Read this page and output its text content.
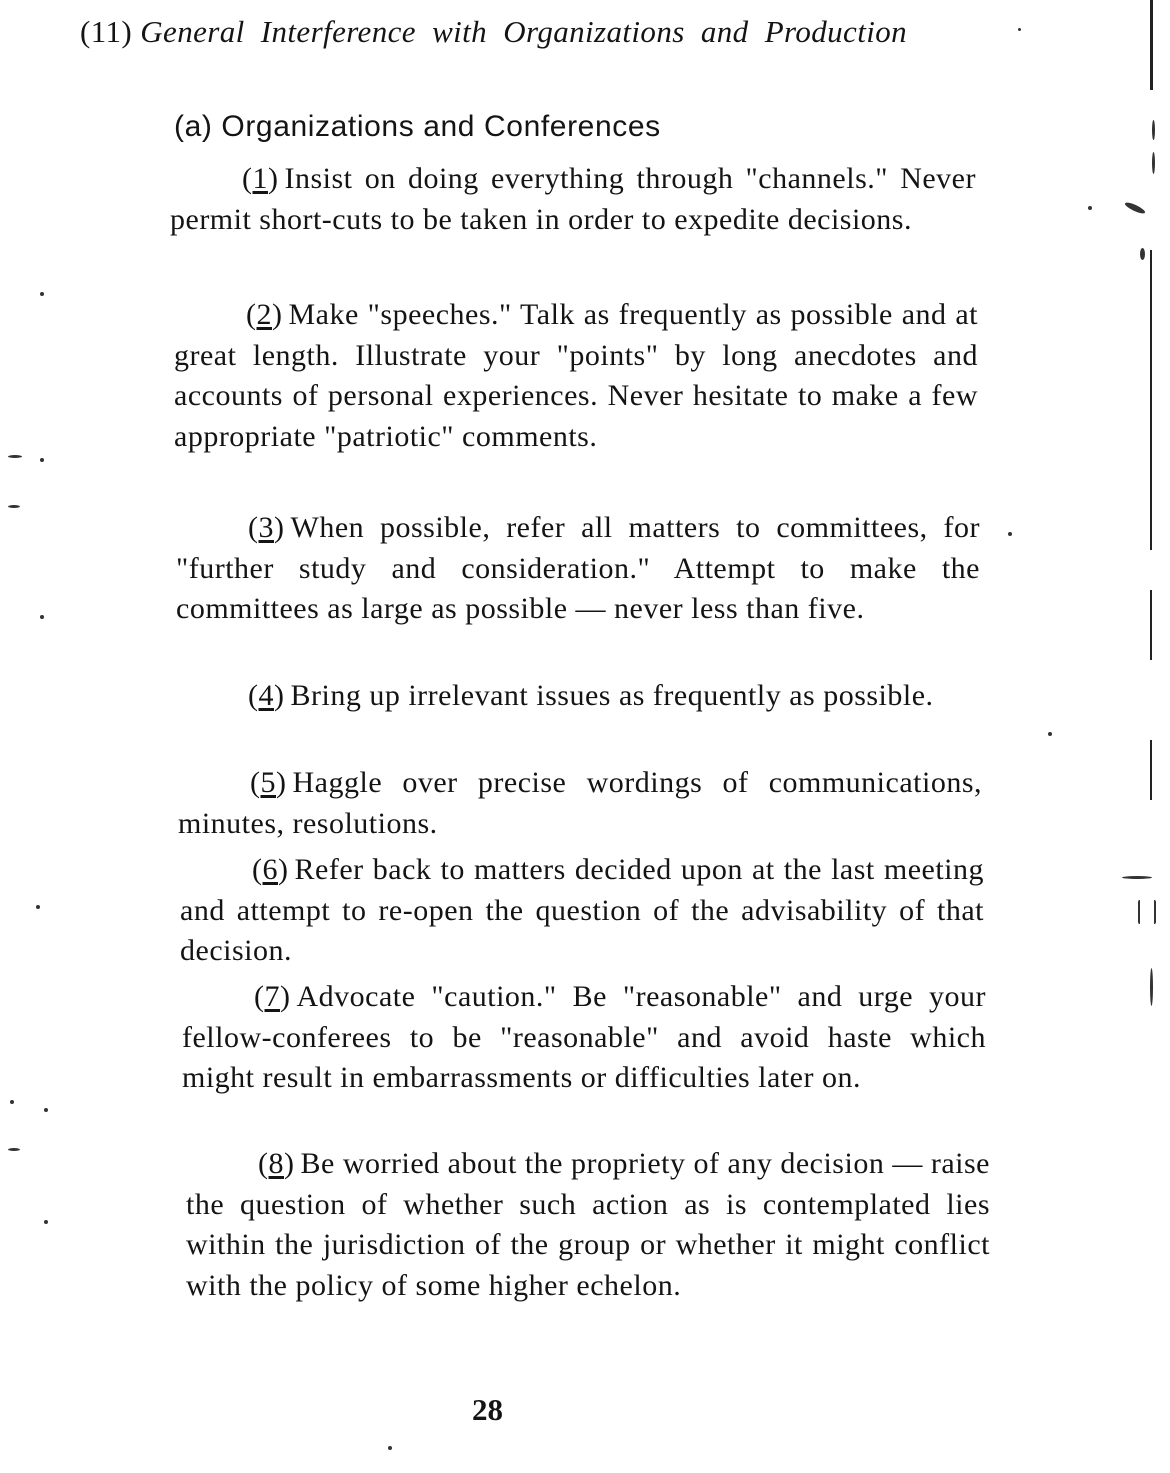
(11) General Interference with Organizations and Production
(a) Organizations and Conferences

(1) Insist on doing everything through "channels." Never permit short-cuts to be taken in order to expedite decisions.

(2) Make "speeches." Talk as frequently as possible and at great length. Illustrate your "points" by long anecdotes and accounts of personal experiences. Never hesitate to make a few appropriate "patriotic" comments.

(3) When possible, refer all matters to committees, for "further study and consideration." Attempt to make the committees as large as possible — never less than five.

(4) Bring up irrelevant issues as frequently as possible.

(5) Haggle over precise wordings of communications, minutes, resolutions.

(6) Refer back to matters decided upon at the last meeting and attempt to re-open the question of the advisability of that decision.

(7) Advocate "caution." Be "reasonable" and urge your fellow-conferees to be "reasonable" and avoid haste which might result in embarrassments or difficulties later on.

(8) Be worried about the propriety of any decision — raise the question of whether such action as is contemplated lies within the jurisdiction of the group or whether it might conflict with the policy of some higher echelon.

28
